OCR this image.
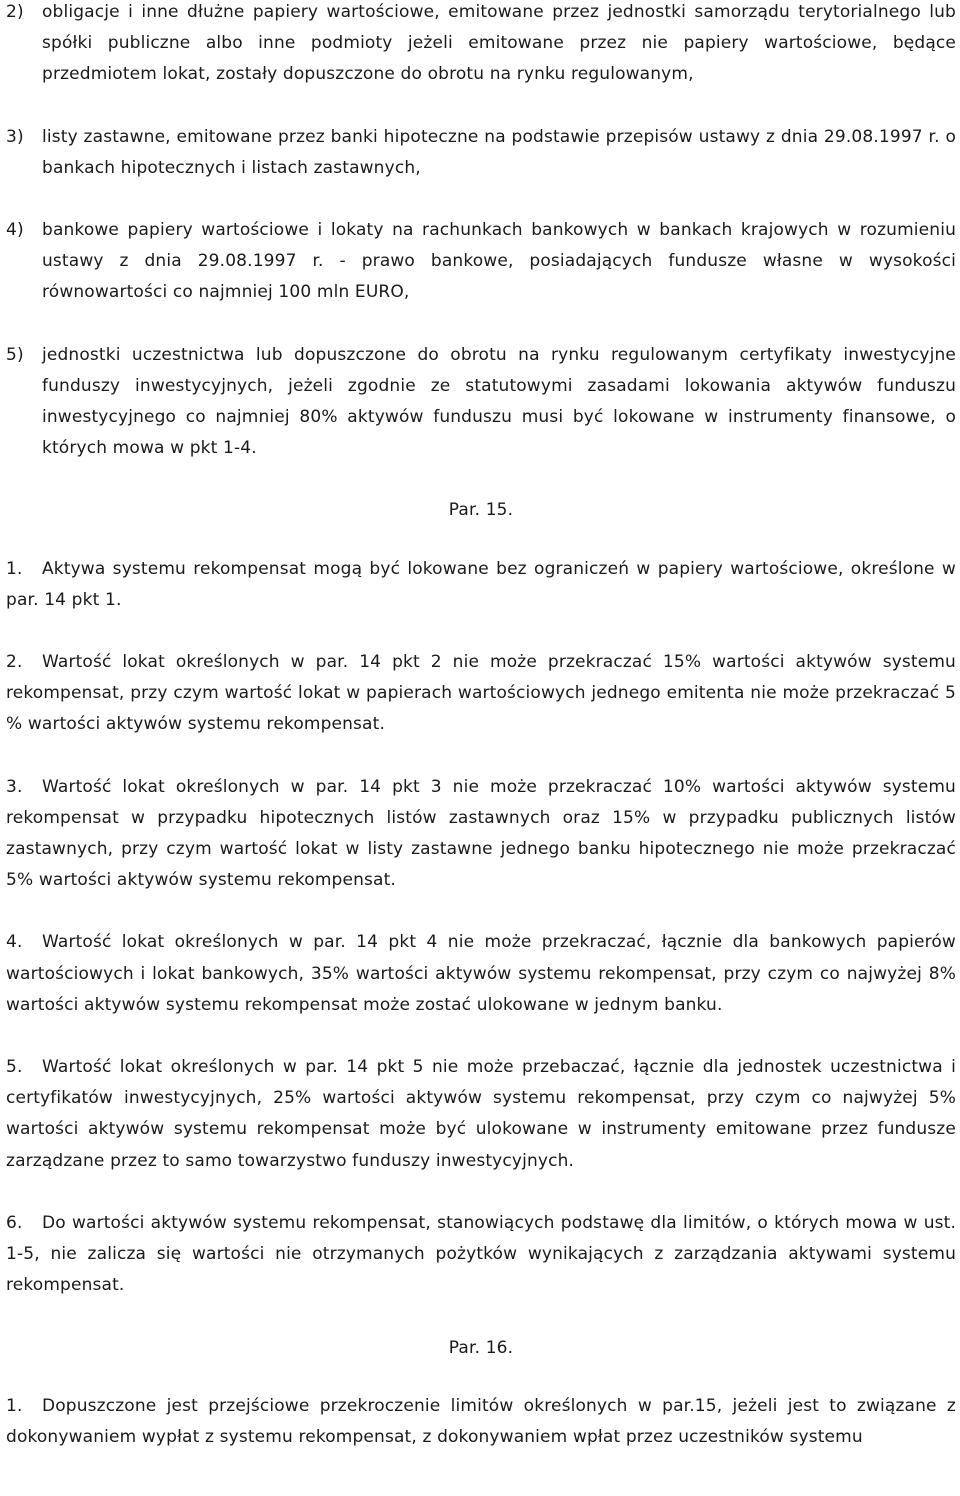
2)	obligacje i inne dłużne papiery wartościowe, emitowane przez jednostki samorządu terytorialnego lub spółki publiczne albo inne podmioty jeżeli emitowane przez nie papiery wartościowe, będące przedmiotem lokat, zostały dopuszczone do obrotu na rynku regulowanym,
3)	listy zastawne, emitowane przez banki hipoteczne na podstawie przepisów ustawy z dnia 29.08.1997 r. o bankach hipotecznych i listach zastawnych,
4)	bankowe papiery wartościowe i lokaty na rachunkach bankowych w bankach krajowych w rozumieniu ustawy z dnia 29.08.1997 r. - prawo bankowe, posiadających fundusze własne w wysokości równowartości co najmniej 100 mln EURO,
5)	jednostki uczestnictwa lub dopuszczone do obrotu na rynku regulowanym certyfikaty inwestycyjne funduszy inwestycyjnych, jeżeli zgodnie ze statutowymi zasadami lokowania aktywów funduszu inwestycyjnego co najmniej 80% aktywów funduszu musi być lokowane w instrumenty finansowe, o których mowa w pkt 1-4.
Par. 15.
1. Aktywa systemu rekompensat mogą być lokowane bez ograniczeń w papiery wartościowe, określone w par. 14 pkt 1.
2. Wartość lokat określonych w par. 14 pkt 2 nie może przekraczać 15% wartości aktywów systemu rekompensat, przy czym wartość lokat w papierach wartościowych jednego emitenta nie może przekraczać 5 % wartości aktywów systemu rekompensat.
3. Wartość lokat określonych w par. 14 pkt 3 nie może przekraczać 10% wartości aktywów systemu rekompensat w przypadku hipotecznych listów zastawnych oraz 15% w przypadku publicznych listów zastawnych, przy czym wartość lokat w listy zastawne jednego banku hipotecznego nie może przekraczać 5% wartości aktywów systemu rekompensat.
4. Wartość lokat określonych w par. 14 pkt 4 nie może przekraczać, łącznie dla bankowych papierów wartościowych i lokat bankowych, 35% wartości aktywów systemu rekompensat, przy czym co najwyżej 8% wartości aktywów systemu rekompensat może zostać ulokowane w jednym banku.
5. Wartość lokat określonych w par. 14 pkt 5 nie może przebaczać, łącznie dla jednostek uczestnictwa i certyfikatów inwestycyjnych, 25% wartości aktywów systemu rekompensat, przy czym co najwyżej 5% wartości aktywów systemu rekompensat może być ulokowane w instrumenty emitowane przez fundusze zarządzane przez to samo towarzystwo funduszy inwestycyjnych.
6. Do wartości aktywów systemu rekompensat, stanowiących podstawę dla limitów, o których mowa w ust. 1-5, nie zalicza się wartości nie otrzymanych pożytków wynikających z zarządzania aktywami systemu rekompensat.
Par. 16.
1. Dopuszczone jest przejściowe przekroczenie limitów określonych w par.15, jeżeli jest to związane z dokonywaniem wypłat z systemu rekompensat, z dokonywaniem wpłat przez uczestników systemu
